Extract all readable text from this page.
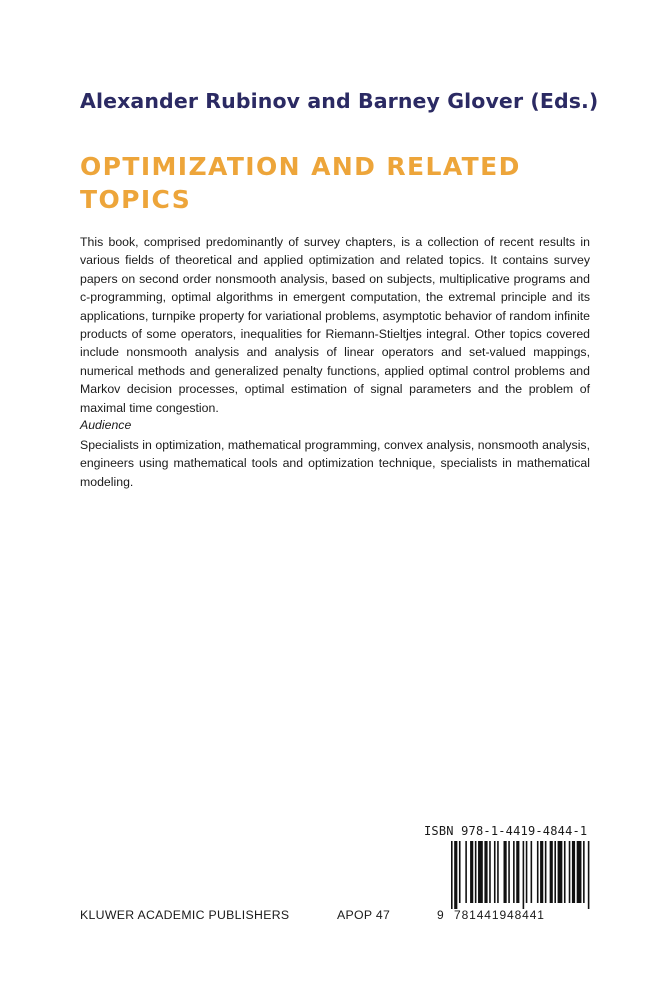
Alexander Rubinov and Barney Glover (Eds.)
OPTIMIZATION AND RELATED TOPICS
This book, comprised predominantly of survey chapters, is a collection of recent results in various fields of theoretical and applied optimization and related topics. It contains survey papers on second order nonsmooth analysis, based on subjects, multiplicative programs and c-programming, optimal algorithms in emergent computation, the extremal principle and its applications, turnpike property for variational problems, asymptotic behavior of random infinite products of some operators, inequalities for Riemann-Stieltjes integral. Other topics covered include nonsmooth analysis and analysis of linear operators and set-valued mappings, numerical methods and generalized penalty functions, applied optimal control problems and Markov decision processes, optimal estimation of signal parameters and the problem of maximal time congestion.
Audience
Specialists in optimization, mathematical programming, convex analysis, nonsmooth analysis, engineers using mathematical tools and optimization technique, specialists in mathematical modeling.
ISBN 978-1-4419-4844-1
9 781441948441
KLUWER ACADEMIC PUBLISHERS	APOP 47
